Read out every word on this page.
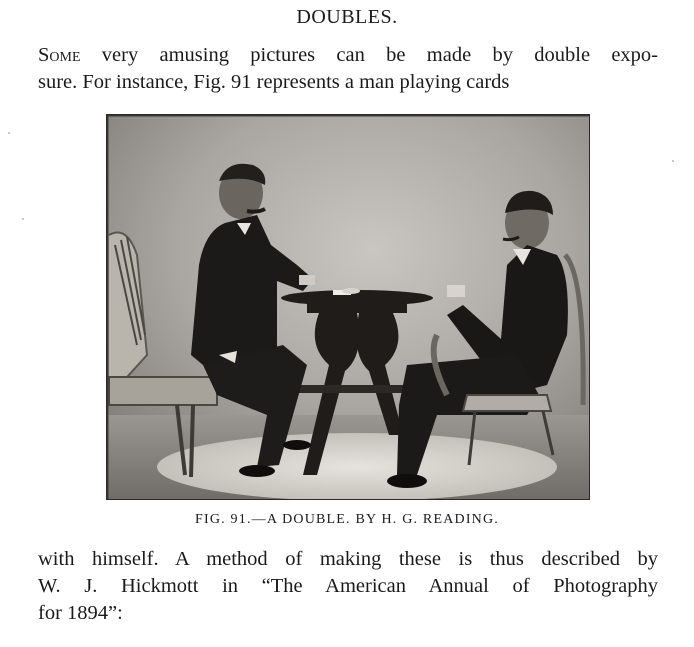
DOUBLES.
Some very amusing pictures can be made by double expo-
sure. For instance, Fig. 91 represents a man playing cards
FIG. 91.—A DOUBLE. BY H. G. READING.
with himself. A method of making these is thus described by
W. J. Hickmott in “The American Annual of Photography
for 1894”:
